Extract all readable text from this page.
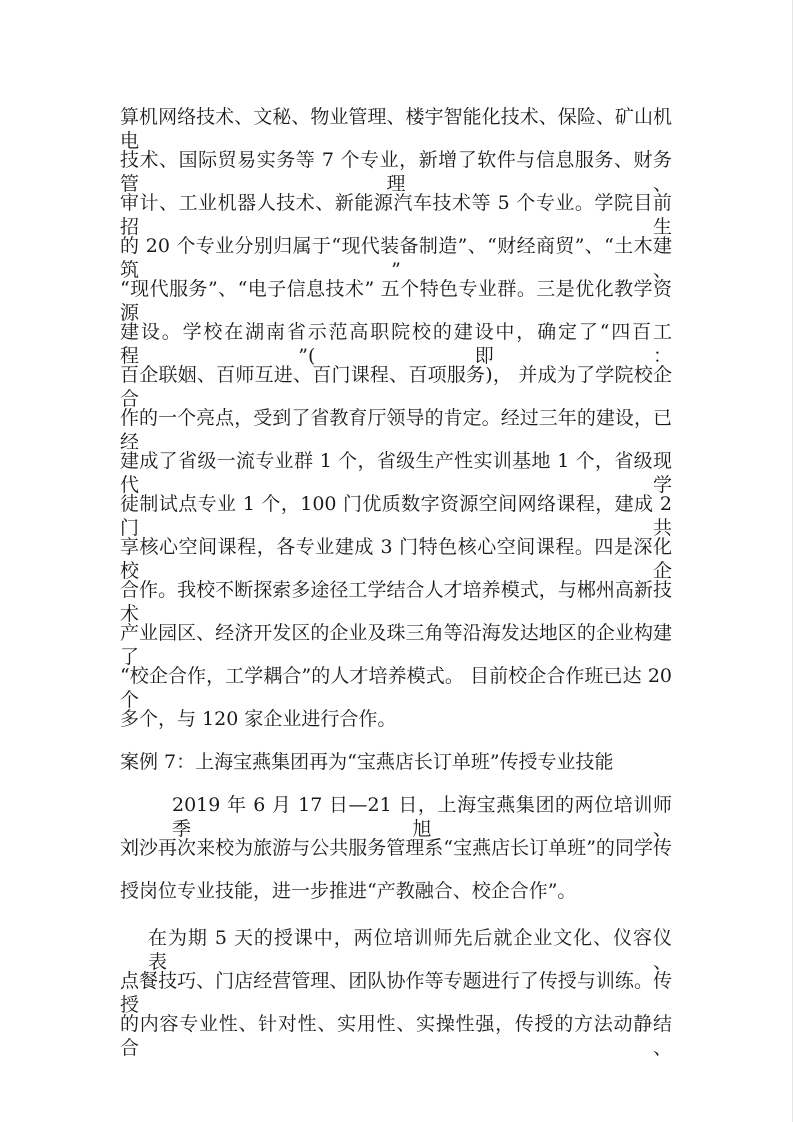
算机网络技术、文秘、物业管理、楼宇智能化技术、保险、矿山机电
技术、国际贸易实务等 7 个专业，新增了软件与信息服务、财务管理、
审计、工业机器人技术、新能源汽车技术等 5 个专业。学院目前招生
的 20 个专业分别归属于“现代装备制造”、“财经商贸”、“土木建筑”、
“现代服务”、“电子信息技术” 五个特色专业群。三是优化教学资源
建设。学校在湖南省示范高职院校的建设中，确定了“四百工程”(即：
百企联姻、百师互进、百门课程、百项服务)， 并成为了学院校企合
作的一个亮点，受到了省教育厅领导的肯定。经过三年的建设，已经
建成了省级一流专业群 1 个，省级生产性实训基地 1 个，省级现代学
徒制试点专业 1 个，100 门优质数字资源空间网络课程，建成 2 门共
享核心空间课程，各专业建成 3 门特色核心空间课程。四是深化校企
合作。我校不断探索多途径工学结合人才培养模式，与郴州高新技术
产业园区、经济开发区的企业及珠三角等沿海发达地区的企业构建了
“校企合作，工学耦合”的人才培养模式。 目前校企合作班已达 20 个
多个，与 120 家企业进行合作。
案例 7：上海宝燕集团再为“宝燕店长订单班”传授专业技能
2019 年 6 月 17 日—21 日，上海宝燕集团的两位培训师季旭、
刘沙再次来校为旅游与公共服务管理系“宝燕店长订单班”的同学传
授岗位专业技能，进一步推进“产教融合、校企合作”。
在为期 5 天的授课中，两位培训师先后就企业文化、仪容仪表、
点餐技巧、门店经营管理、团队协作等专题进行了传授与训练。传授
的内容专业性、针对性、实用性、实操性强，传授的方法动静结合、
